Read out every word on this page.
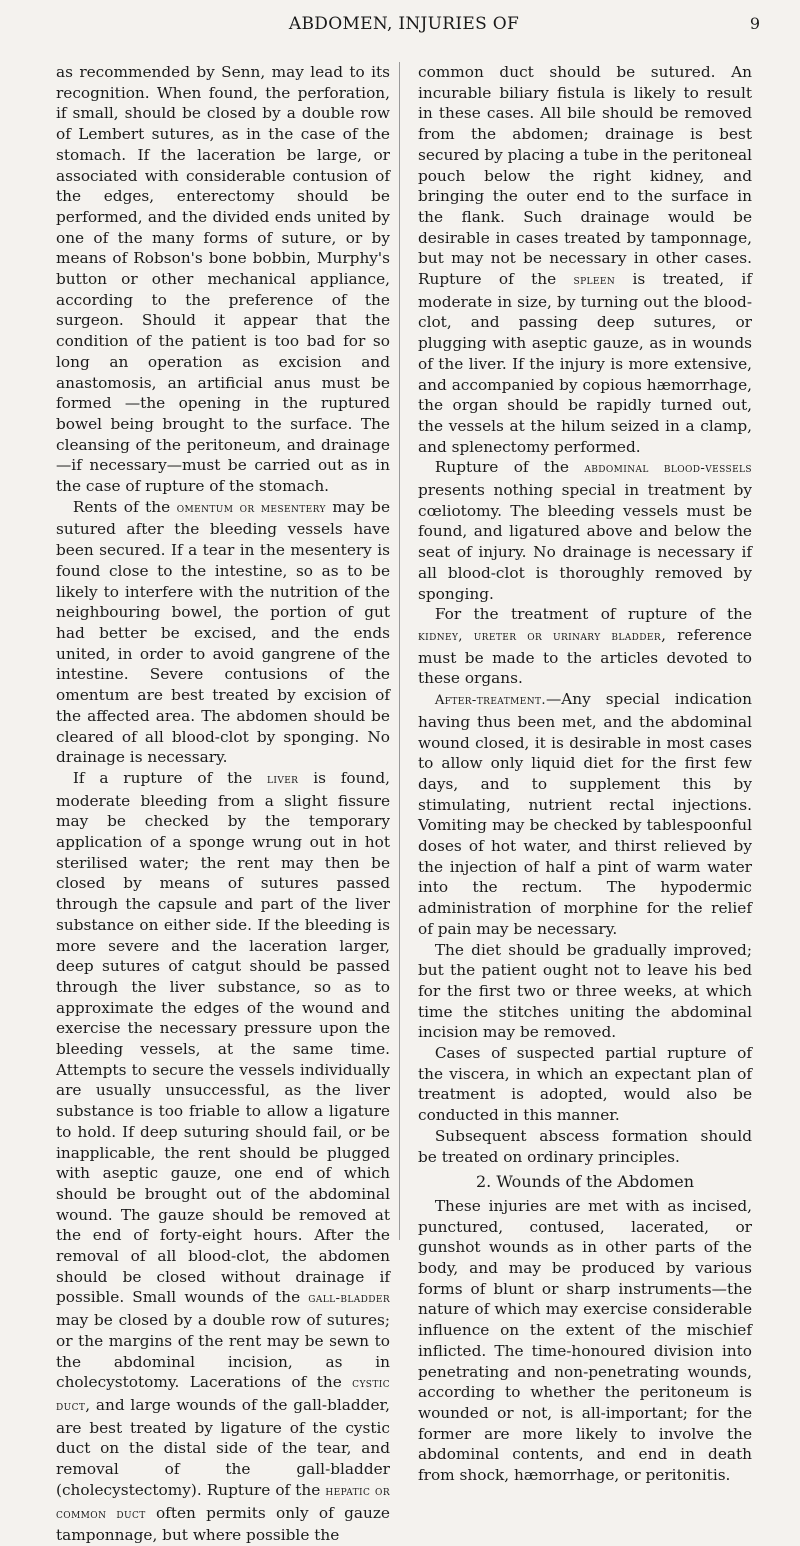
ABDOMEN, INJURIES OF	9

as recommended by Senn, may lead to its recognition. When found, the perforation, if small, should be closed by a double row of Lembert sutures, as in the case of the stomach. If the laceration be large, or associated with considerable contusion of the edges, enterectomy should be performed, and the divided ends united by one of the many forms of suture, or by means of Robson's bone bobbin, Murphy's button or other mechanical appliance, according to the preference of the surgeon. Should it appear that the condition of the patient is too bad for so long an operation as excision and anastomosis, an artificial anus must be formed —the opening in the ruptured bowel being brought to the surface. The cleansing of the peritoneum, and drainage—if necessary—must be carried out as in the case of rupture of the stomach.

Rents of the omentum or mesentery may be sutured after the bleeding vessels have been secured. If a tear in the mesentery is found close to the intestine, so as to be likely to interfere with the nutrition of the neighbouring bowel, the portion of gut had better be excised, and the ends united, in order to avoid gangrene of the intestine. Severe contusions of the omentum are best treated by excision of the affected area. The abdomen should be cleared of all blood-clot by sponging. No drainage is necessary.

If a rupture of the liver is found, moderate bleeding from a slight fissure may be checked by the temporary application of a sponge wrung out in hot sterilised water; the rent may then be closed by means of sutures passed through the capsule and part of the liver substance on either side. If the bleeding is more severe and the laceration larger, deep sutures of catgut should be passed through the liver substance, so as to approximate the edges of the wound and exercise the necessary pressure upon the bleeding vessels, at the same time. Attempts to secure the vessels individually are usually unsuccessful, as the liver substance is too friable to allow a ligature to hold. If deep suturing should fail, or be inapplicable, the rent should be plugged with aseptic gauze, one end of which should be brought out of the abdominal wound. The gauze should be removed at the end of forty-eight hours. After the removal of all blood-clot, the abdomen should be closed without drainage if possible. Small wounds of the gall-bladder may be closed by a double row of sutures; or the margins of the rent may be sewn to the abdominal incision, as in cholecystotomy. Lacerations of the cystic duct, and large wounds of the gall-bladder, are best treated by ligature of the cystic duct on the distal side of the tear, and removal of the gall-bladder (cholecystectomy). Rupture of the hepatic or common duct often permits only of gauze tamponnage, but where possible the

common duct should be sutured. An incurable biliary fistula is likely to result in these cases. All bile should be removed from the abdomen; drainage is best secured by placing a tube in the peritoneal pouch below the right kidney, and bringing the outer end to the surface in the flank. Such drainage would be desirable in cases treated by tamponnage, but may not be necessary in other cases. Rupture of the spleen is treated, if moderate in size, by turning out the blood-clot, and passing deep sutures, or plugging with aseptic gauze, as in wounds of the liver. If the injury is more extensive, and accompanied by copious hæmorrhage, the organ should be rapidly turned out, the vessels at the hilum seized in a clamp, and splenectomy performed.

Rupture of the abdominal blood-vessels presents nothing special in treatment by cœliotomy. The bleeding vessels must be found, and ligatured above and below the seat of injury. No drainage is necessary if all blood-clot is thoroughly removed by sponging.

For the treatment of rupture of the kidney, ureter or urinary bladder, reference must be made to the articles devoted to these organs.

After-treatment.—Any special indication having thus been met, and the abdominal wound closed, it is desirable in most cases to allow only liquid diet for the first few days, and to supplement this by stimulating, nutrient rectal injections. Vomiting may be checked by tablespoonful doses of hot water, and thirst relieved by the injection of half a pint of warm water into the rectum. The hypodermic administration of morphine for the relief of pain may be necessary.

The diet should be gradually improved; but the patient ought not to leave his bed for the first two or three weeks, at which time the stitches uniting the abdominal incision may be removed.

Cases of suspected partial rupture of the viscera, in which an expectant plan of treatment is adopted, would also be conducted in this manner.

Subsequent abscess formation should be treated on ordinary principles.

2. Wounds of the Abdomen

These injuries are met with as incised, punctured, contused, lacerated, or gunshot wounds as in other parts of the body, and may be produced by various forms of blunt or sharp instruments—the nature of which may exercise considerable influence on the extent of the mischief inflicted. The time-honoured division into penetrating and non-penetrating wounds, according to whether the peritoneum is wounded or not, is all-important; for the former are more likely to involve the abdominal contents, and end in death from shock, hæmorrhage, or peritonitis.
